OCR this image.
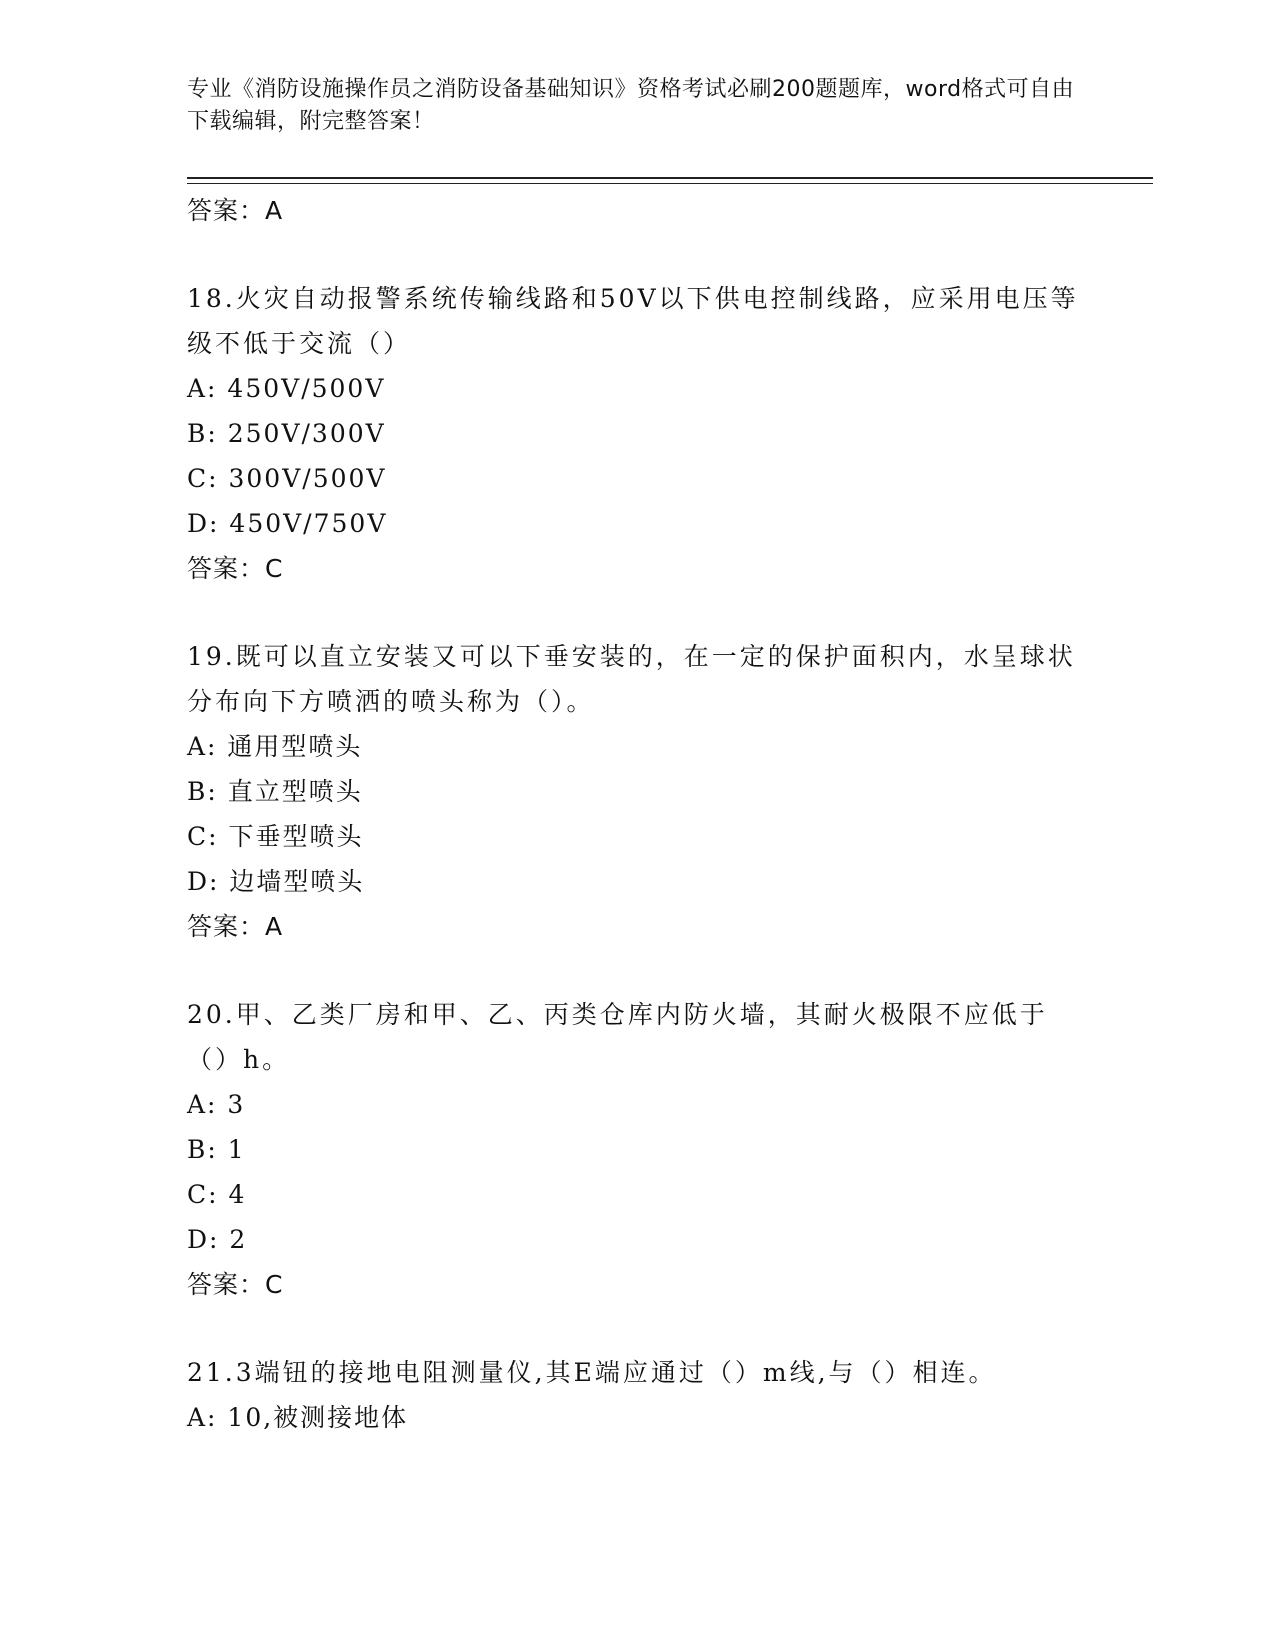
专业《消防设施操作员之消防设备基础知识》资格考试必刷200题题库，word格式可自由下载编辑，附完整答案！
答案：A
18.火灾自动报警系统传输线路和50V以下供电控制线路，应采用电压等级不低于交流（）
A: 450V/500V
B: 250V/300V
C: 300V/500V
D: 450V/750V
答案：C
19.既可以直立安装又可以下垂安装的，在一定的保护面积内，水呈球状分布向下方喷洒的喷头称为（）。
A: 通用型喷头
B: 直立型喷头
C: 下垂型喷头
D: 边墙型喷头
答案：A
20.甲、乙类厂房和甲、乙、丙类仓库内防火墙，其耐火极限不应低于（）h。
A: 3
B: 1
C: 4
D: 2
答案：C
21.3端钮的接地电阻测量仪,其E端应通过（）m线,与（）相连。
A: 10,被测接地体
